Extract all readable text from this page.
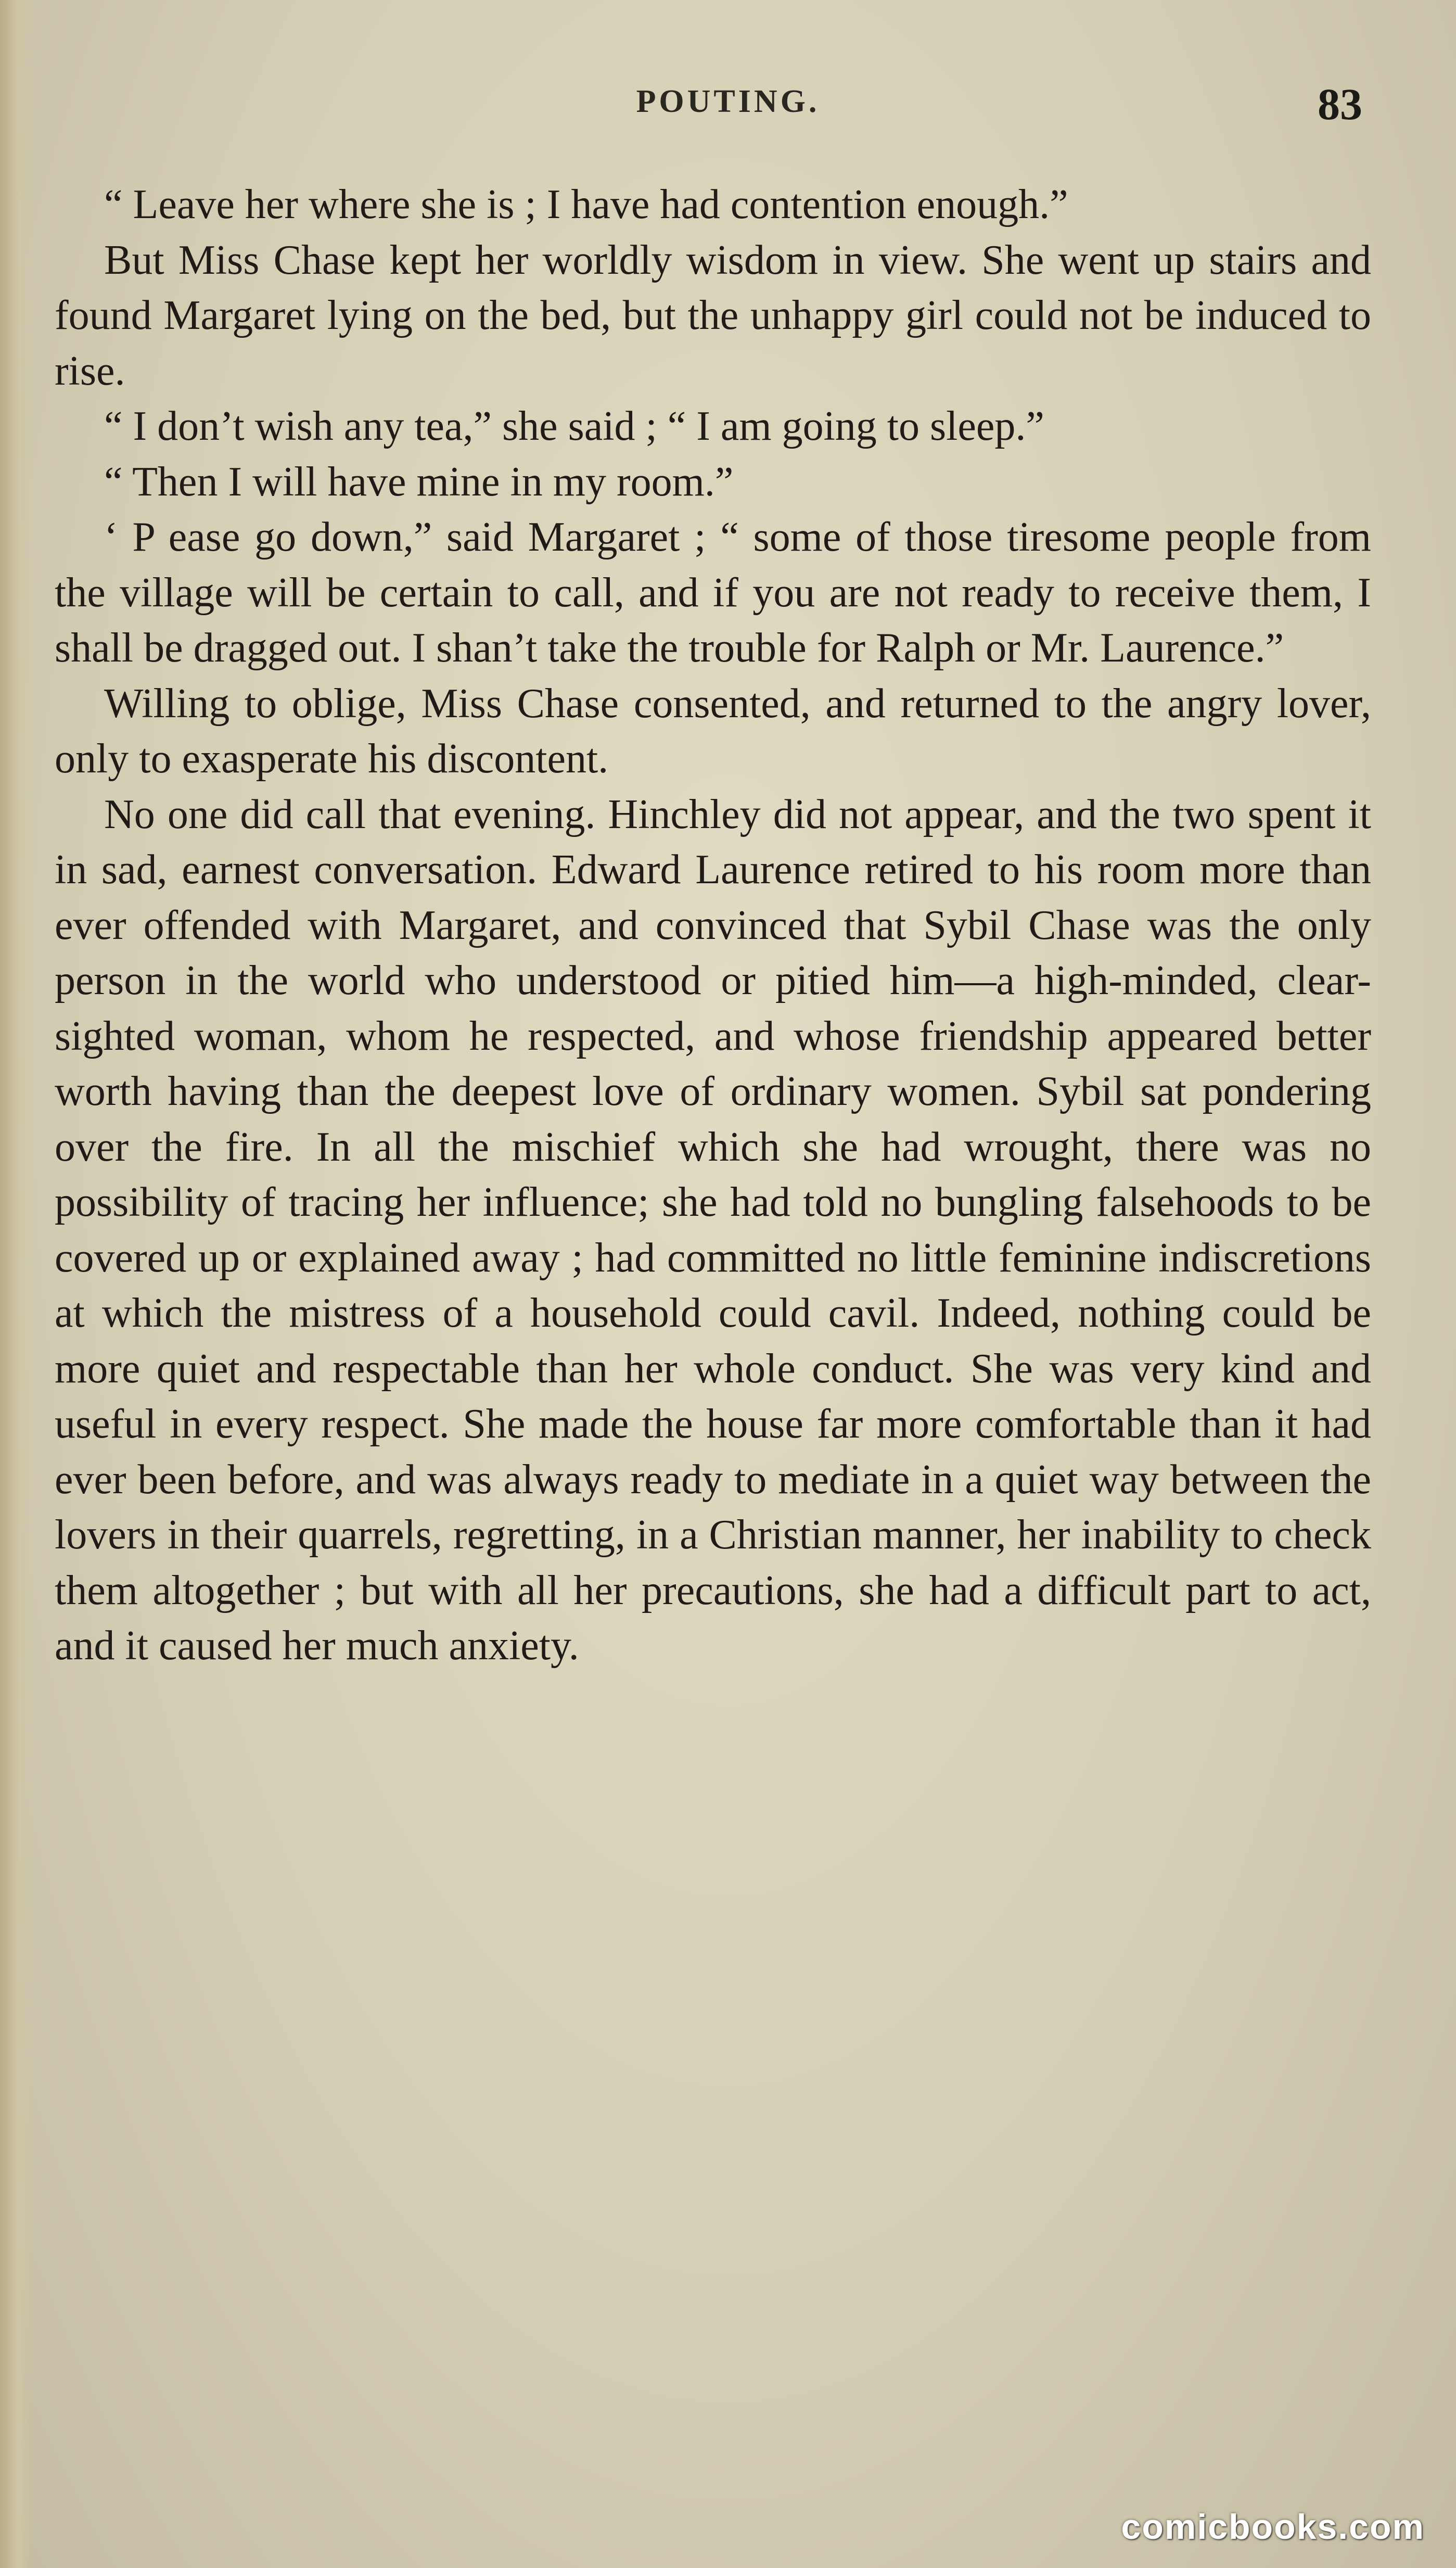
POUTING.	83

“ Leave her where she is ; I have had contention enough.”

But Miss Chase kept her worldly wisdom in view. She went up stairs and found Margaret lying on the bed, but the unhappy girl could not be induced to rise.

“ I don’t wish any tea,” she said ; “ I am going to sleep.”

“ Then I will have mine in my room.”

‘ P ease go down,” said Margaret ; “ some of those tiresome people from the village will be certain to call, and if you are not ready to receive them, I shall be dragged out. I shan’t take the trouble for Ralph or Mr. Laurence.”

Willing to oblige, Miss Chase consented, and returned to the angry lover, only to exasperate his discontent.

No one did call that evening. Hinchley did not appear, and the two spent it in sad, earnest conversation. Edward Laurence retired to his room more than ever offended with Margaret, and convinced that Sybil Chase was the only person in the world who understood or pitied him—a high-minded, clear-sighted woman, whom he respected, and whose friendship appeared better worth having than the deepest love of ordinary women. Sybil sat pondering over the fire. In all the mischief which she had wrought, there was no possibility of tracing her influence; she had told no bungling falsehoods to be covered up or explained away ; had committed no little feminine indiscretions at which the mistress of a household could cavil. Indeed, nothing could be more quiet and respectable than her whole conduct. She was very kind and useful in every respect. She made the house far more comfortable than it had ever been before, and was always ready to mediate in a quiet way between the lovers in their quarrels, regretting, in a Christian manner, her inability to check them altogether ; but with all her precautions, she had a difficult part to act, and it caused her much anxiety.

comicbooks.com
